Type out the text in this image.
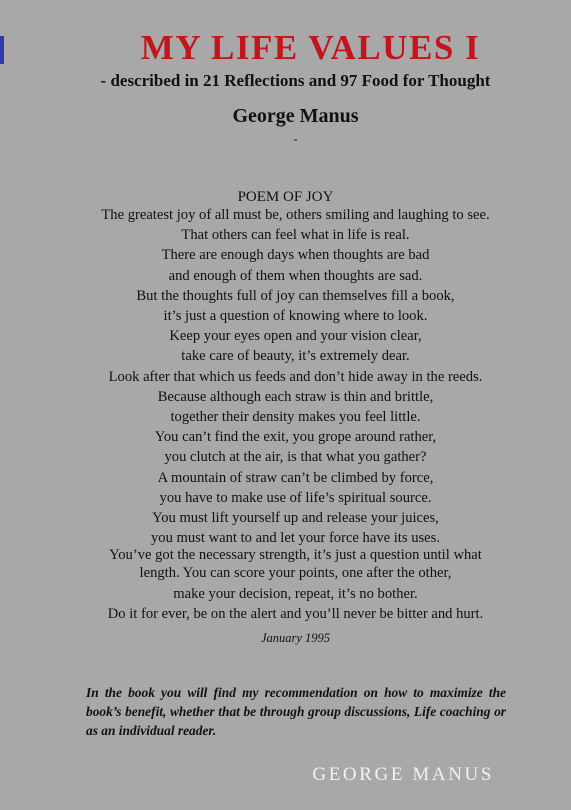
MY LIFE VALUES I
- described in 21 Reflections and 97 Food for Thought
George Manus
-
POEM OF JOY
The greatest joy of all must be, others smiling and laughing to see.
That others can feel what in life is real.
There are enough days when thoughts are bad
and enough of them when thoughts are sad.
But the thoughts full of joy can themselves fill a book,
it’s just a question of knowing where to look.
Keep your eyes open and your vision clear,
take care of beauty, it’s extremely dear.
Look after that which us feeds and don’t hide away in the reeds.
Because although each straw is thin and brittle,
together their density makes you feel little.
You can’t find the exit, you grope around rather,
you clutch at the air, is that what you gather?
A mountain of straw can’t be climbed by force,
you have to make use of life’s spiritual source.
You must lift yourself up and release your juices,
you must want to and let your force have its uses.
You’ve got the necessary strength, it’s just a question until what
length. You can score your points, one after the other,
make your decision, repeat, it’s no bother.
Do it for ever, be on the alert and you’ll never be bitter and hurt.
January 1995
In the book you will find my recommendation on how to maximize the book’s benefit, whether that be through group discussions, Life coaching or as an individual reader.
GEORGE MANUS
